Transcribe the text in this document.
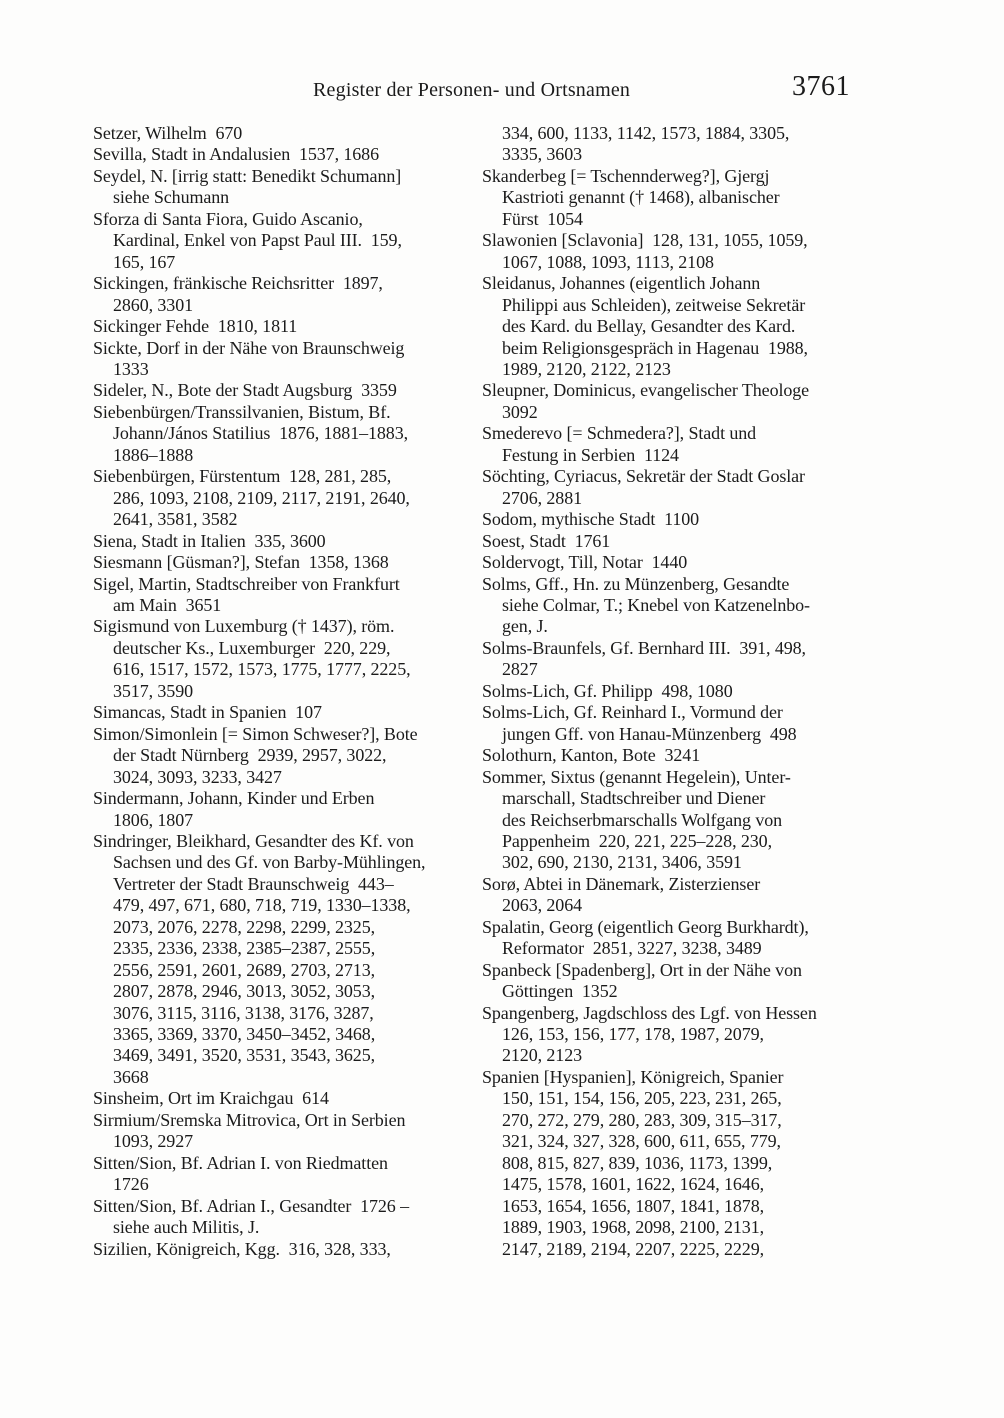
Register der Personen- und Ortsnamen	3761
Setzer, Wilhelm  670
Sevilla, Stadt in Andalusien  1537, 1686
Seydel, N. [irrig statt: Benedikt Schumann]
siehe Schumann
Sforza di Santa Fiora, Guido Ascanio,
Kardinal, Enkel von Papst Paul III.  159,
165, 167
Sickingen, fränkische Reichsritter  1897,
2860, 3301
Sickinger Fehde  1810, 1811
Sickte, Dorf in der Nähe von Braunschweig
1333
Sideler, N., Bote der Stadt Augsburg  3359
Siebenbürgen/Transsilvanien, Bistum, Bf.
Johann/János Statilius  1876, 1881–1883,
1886–1888
Siebenbürgen, Fürstentum  128, 281, 285,
286, 1093, 2108, 2109, 2117, 2191, 2640,
2641, 3581, 3582
Siena, Stadt in Italien  335, 3600
Siesmann [Güsman?], Stefan  1358, 1368
Sigel, Martin, Stadtschreiber von Frankfurt
am Main  3651
Sigismund von Luxemburg († 1437), röm.
deutscher Ks., Luxemburger  220, 229,
616, 1517, 1572, 1573, 1775, 1777, 2225,
3517, 3590
Simancas, Stadt in Spanien  107
Simon/Simonlein [= Simon Schweser?], Bote
der Stadt Nürnberg  2939, 2957, 3022,
3024, 3093, 3233, 3427
Sindermann, Johann, Kinder und Erben
1806, 1807
Sindringer, Bleikhard, Gesandter des Kf. von
Sachsen und des Gf. von Barby-Mühlingen,
Vertreter der Stadt Braunschweig  443–
479, 497, 671, 680, 718, 719, 1330–1338,
2073, 2076, 2278, 2298, 2299, 2325,
2335, 2336, 2338, 2385–2387, 2555,
2556, 2591, 2601, 2689, 2703, 2713,
2807, 2878, 2946, 3013, 3052, 3053,
3076, 3115, 3116, 3138, 3176, 3287,
3365, 3369, 3370, 3450–3452, 3468,
3469, 3491, 3520, 3531, 3543, 3625,
3668
Sinsheim, Ort im Kraichgau  614
Sirmium/Sremska Mitrovica, Ort in Serbien
1093, 2927
Sitten/Sion, Bf. Adrian I. von Riedmatten
1726
Sitten/Sion, Bf. Adrian I., Gesandter  1726 –
siehe auch Militis, J.
Sizilien, Königreich, Kgg.  316, 328, 333,
334, 600, 1133, 1142, 1573, 1884, 3305,
3335, 3603
Skanderbeg [= Tschennderweg?], Gjergj
Kastrioti genannt († 1468), albanischer
Fürst  1054
Slawonien [Sclavonia]  128, 131, 1055, 1059,
1067, 1088, 1093, 1113, 2108
Sleidanus, Johannes (eigentlich Johann
Philippi aus Schleiden), zeitweise Sekretär
des Kard. du Bellay, Gesandter des Kard.
beim Religionsgespräch in Hagenau  1988,
1989, 2120, 2122, 2123
Sleupner, Dominicus, evangelischer Theologe
3092
Smederevo [= Schmedera?], Stadt und
Festung in Serbien  1124
Söchting, Cyriacus, Sekretär der Stadt Goslar
2706, 2881
Sodom, mythische Stadt  1100
Soest, Stadt  1761
Soldervogt, Till, Notar  1440
Solms, Gff., Hn. zu Münzenberg, Gesandte
siehe Colmar, T.; Knebel von Katzenelnbo-
gen, J.
Solms-Braunfels, Gf. Bernhard III.  391, 498,
2827
Solms-Lich, Gf. Philipp  498, 1080
Solms-Lich, Gf. Reinhard I., Vormund der
jungen Gff. von Hanau-Münzenberg  498
Solothurn, Kanton, Bote  3241
Sommer, Sixtus (genannt Hegelein), Unter-
marschall, Stadtschreiber und Diener
des Reichserbmarschalls Wolfgang von
Pappenheim  220, 221, 225–228, 230,
302, 690, 2130, 2131, 3406, 3591
Sorø, Abtei in Dänemark, Zisterzienser
2063, 2064
Spalatin, Georg (eigentlich Georg Burkhardt),
Reformator  2851, 3227, 3238, 3489
Spanbeck [Spadenberg], Ort in der Nähe von
Göttingen  1352
Spangenberg, Jagdschloss des Lgf. von Hessen
126, 153, 156, 177, 178, 1987, 2079,
2120, 2123
Spanien [Hyspanien], Königreich, Spanier
150, 151, 154, 156, 205, 223, 231, 265,
270, 272, 279, 280, 283, 309, 315–317,
321, 324, 327, 328, 600, 611, 655, 779,
808, 815, 827, 839, 1036, 1173, 1399,
1475, 1578, 1601, 1622, 1624, 1646,
1653, 1654, 1656, 1807, 1841, 1878,
1889, 1903, 1968, 2098, 2100, 2131,
2147, 2189, 2194, 2207, 2225, 2229,
